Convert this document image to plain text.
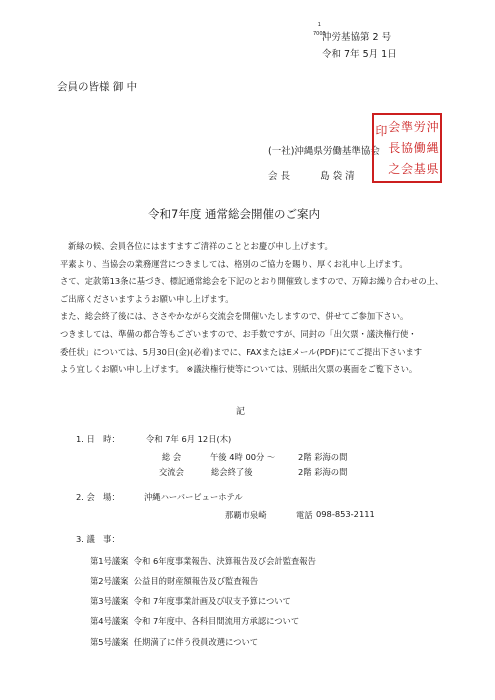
1
7000
沖労基協第 2 号
令和 7年 5月 1日
会員の皆様 御 中
(一社)沖縄県労働基準協会
会 長	島 袋 清
沖
縄
県
労
働
基
準
協
会
会
長
之
印
令和7年度 通常総会開催のご案内

新緑の候、会員各位にはますますご清祥のこととお慶び申し上げます。

平素より、当協会の業務運営につきましては、格別のご協力を賜り、厚くお礼申し上げます。

さて、定款第13条に基づき、標記通常総会を下記のとおり開催致しますので、万障お繰り合わせの上、

ご出席くださいますようお願い申し上げます。

また、総会終了後には、ささやかながら交流会を開催いたしますので、併せてご参加下さい。

つきましては、準備の都合等もございますので、お手数ですが、同封の「出欠票・議決権行使・

委任状」については、5月30日(金)(必着)までに、FAXまたはEメール(PDF)にてご提出下さいます

よう宜しくお願い申し上げます。 ※議決権行使等については、別紙出欠票の裏面をご覧下さい。

記
1. 日　時：	令和 7年 6月 12日(木)
総 会	午後 4時 00分 〜	2階 彩海の間
交流会	総会終了後	2階 彩海の間
2. 会　場：	沖縄ハーバービューホテル
那覇市泉崎	電話 098-853-2111
3. 議　事：
第1号議案 令和 6年度事業報告、決算報告及び会計監査報告
第2号議案 公益目的財産額報告及び監査報告
第3号議案 令和 7年度事業計画及び収支予算について
第4号議案 令和 7年度中、各科目間流用方承認について
第5号議案 任期満了に伴う役員改選について
